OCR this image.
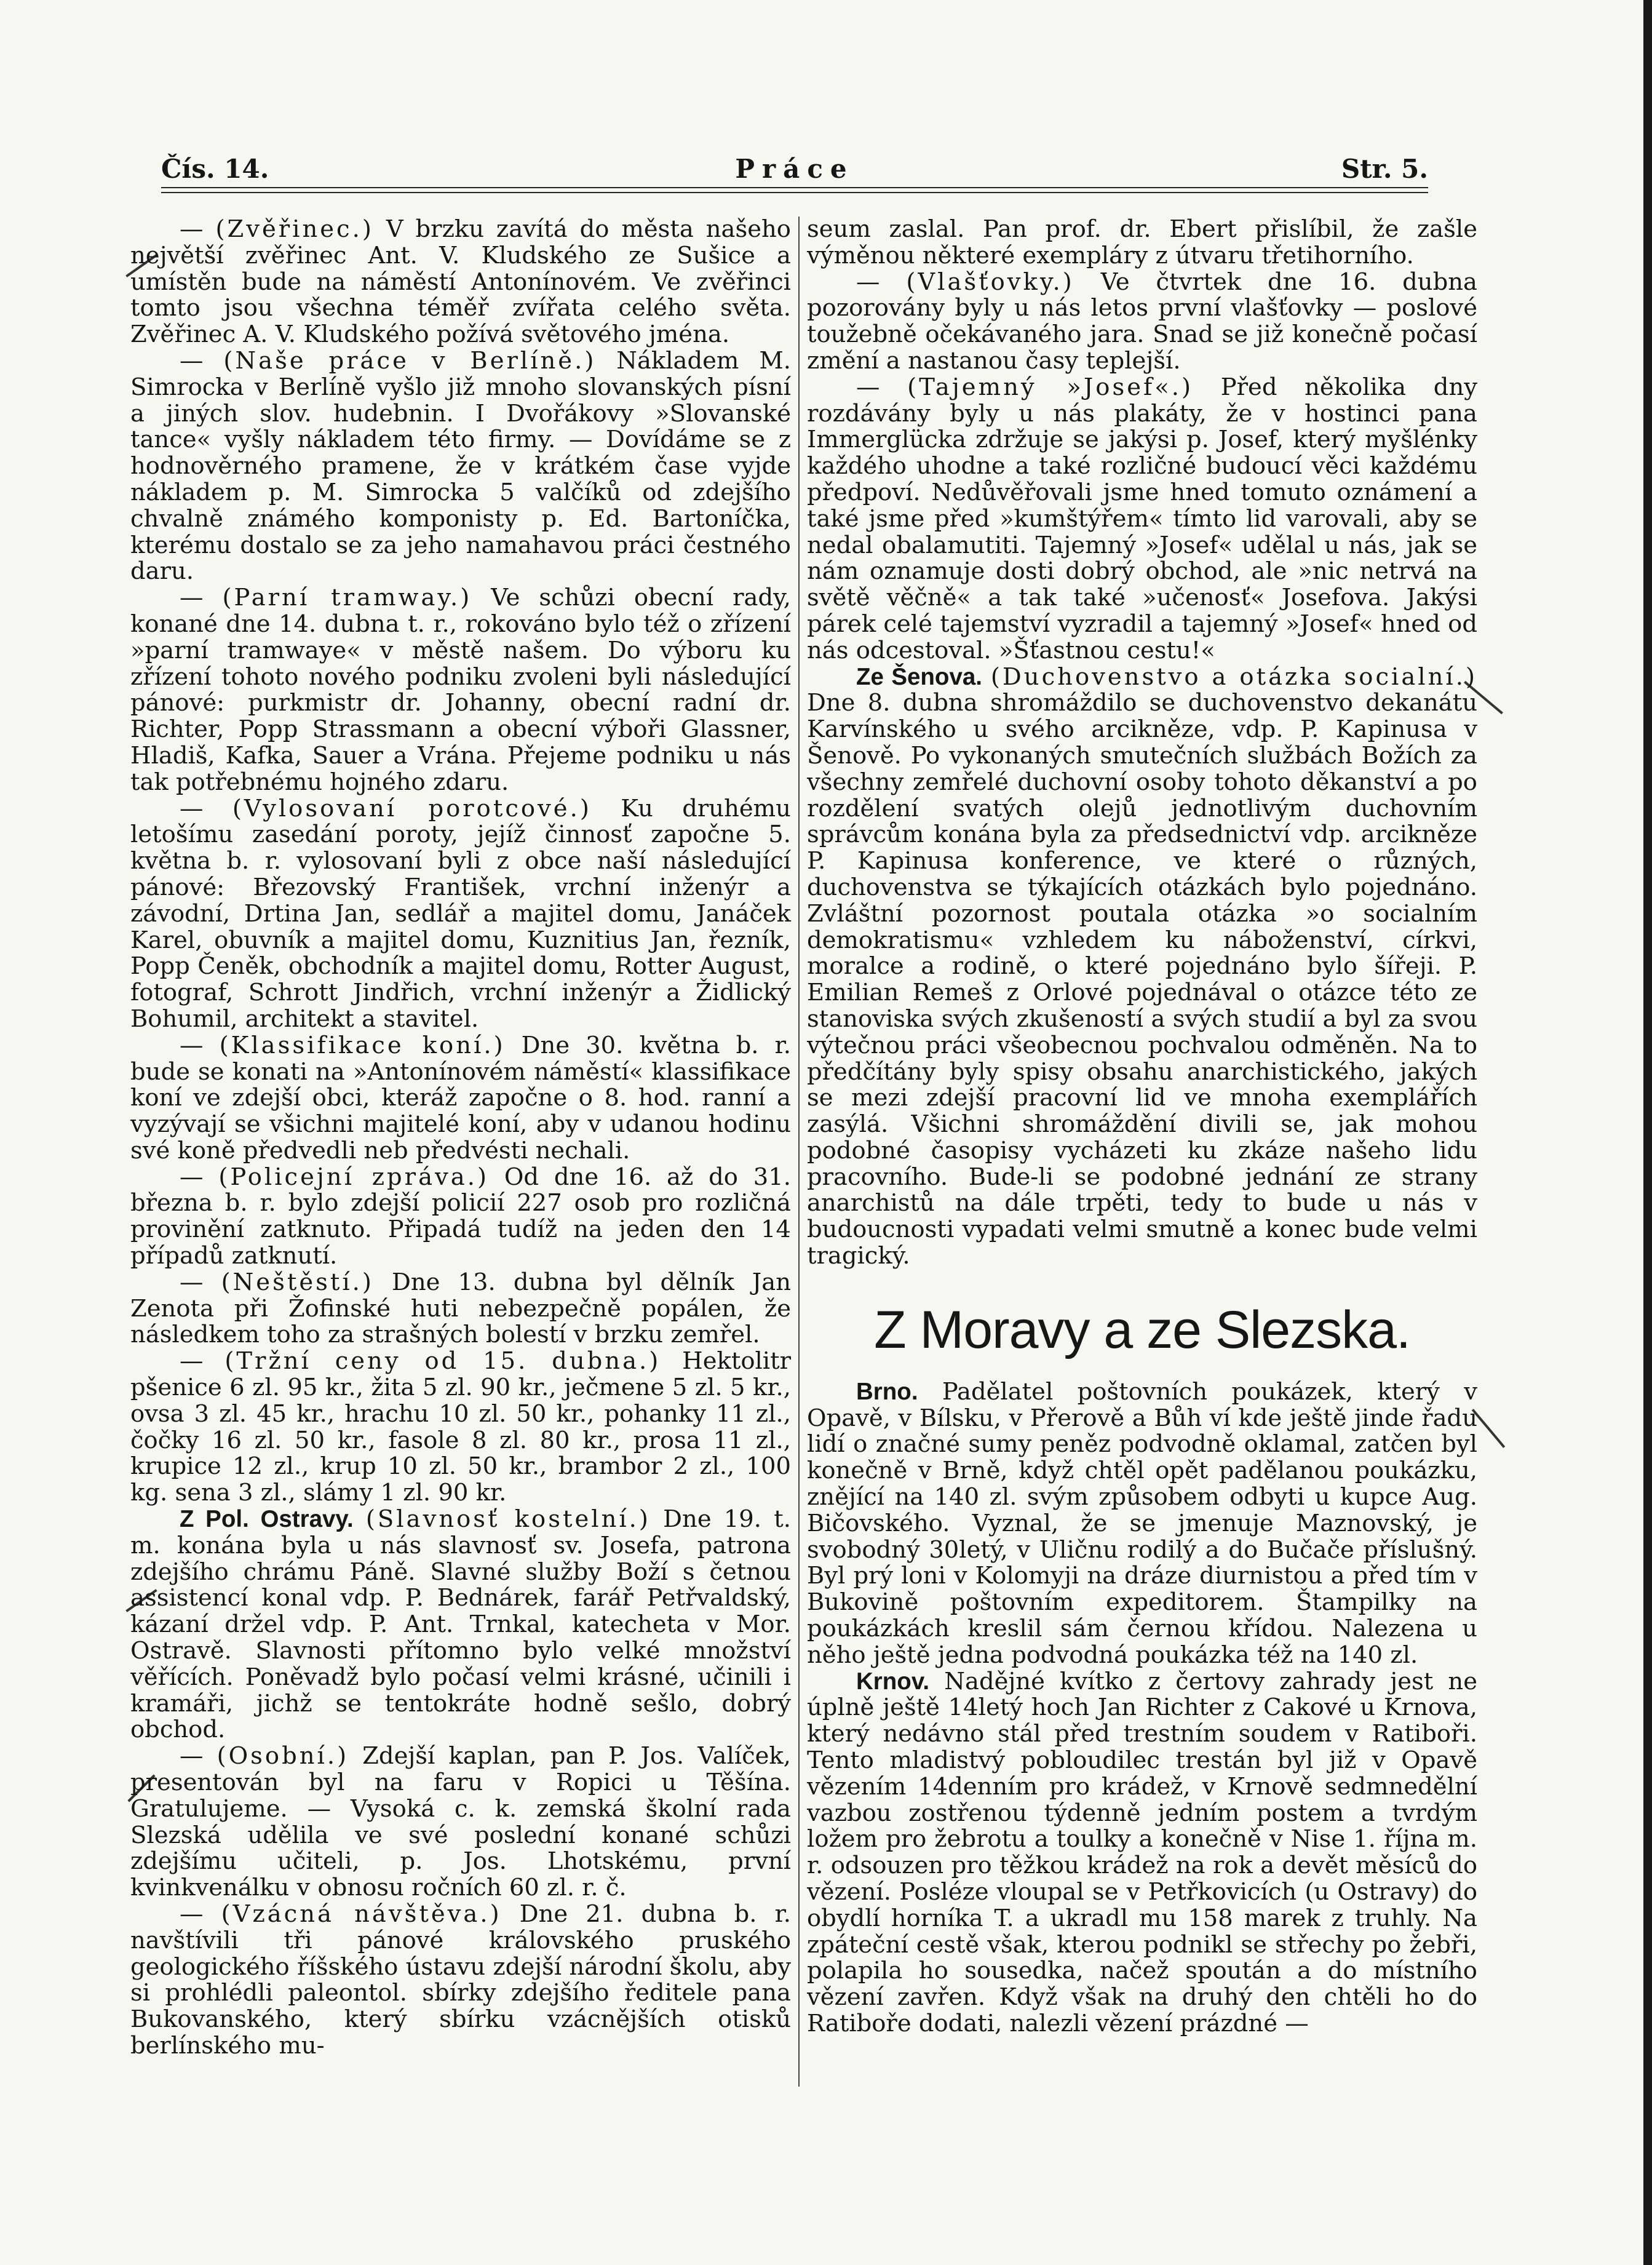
Čís. 14.	Práce	Str. 5.

— (Zvěřinec.) V brzku zavítá do města našeho největší zvěřinec Ant. V. Kludského ze Sušice a umístěn bude na náměstí Antonínovém. Ve zvěřinci tomto jsou všechna téměř zvířata celého světa. Zvěřinec A. V. Kludského požívá světového jména.

— (Naše práce v Berlíně.) Nákladem M. Simrocka v Berlíně vyšlo již mnoho slovanských písní a jiných slov. hudebnin. I Dvořákovy »Slovanské tance« vyšly nákladem této firmy. — Dovídáme se z hodnověrného pramene, že v krátkém čase vyjde nákladem p. M. Simrocka 5 valčíků od zdejšího chvalně známého komponisty p. Ed. Bartoníčka, kterému dostalo se za jeho namahavou práci čestného daru.

— (Parní tramway.) Ve schůzi obecní rady, konané dne 14. dubna t. r., rokováno bylo též o zřízení »parní tramwaye« v městě našem. Do výboru ku zřízení tohoto nového podniku zvoleni byli následující pánové: purkmistr dr. Johanny, obecní radní dr. Richter, Popp Strassmann a obecní výboři Glassner, Hladiš, Kafka, Sauer a Vrána. Přejeme podniku u nás tak potřebnému hojného zdaru.

— (Vylosovaní porotcové.) Ku druhému letošímu zasedání poroty, jejíž činnosť započne 5. května b. r. vylosovaní byli z obce naší následující pánové: Březovský František, vrchní inženýr a závodní, Drtina Jan, sedlář a majitel domu, Janáček Karel, obuvník a majitel domu, Kuznitius Jan, řezník, Popp Čeněk, obchodník a majitel domu, Rotter August, fotograf, Schrott Jindřich, vrchní inženýr a Židlický Bohumil, architekt a stavitel.

— (Klassifikace koní.) Dne 30. května b. r. bude se konati na »Antonínovém náměstí« klassifikace koní ve zdejší obci, kteráž započne o 8. hod. ranní a vyzývají se všichni majitelé koní, aby v udanou hodinu své koně předvedli neb předvésti nechali.

— (Policejní zpráva.) Od dne 16. až do 31. března b. r. bylo zdejší policií 227 osob pro rozličná provinění zatknuto. Připadá tudíž na jeden den 14 případů zatknutí.

— (Neštěstí.) Dne 13. dubna byl dělník Jan Zenota při Žofinské huti nebezpečně popálen, že následkem toho za strašných bolestí v brzku zemřel.

— (Tržní ceny od 15. dubna.) Hektolitr pšenice 6 zl. 95 kr., žita 5 zl. 90 kr., ječmene 5 zl. 5 kr., ovsa 3 zl. 45 kr., hrachu 10 zl. 50 kr., pohanky 11 zl., čočky 16 zl. 50 kr., fasole 8 zl. 80 kr., prosa 11 zl., krupice 12 zl., krup 10 zl. 50 kr., brambor 2 zl., 100 kg. sena 3 zl., slámy 1 zl. 90 kr.

Z Pol. Ostravy. (Slavnosť kostelní.) Dne 19. t. m. konána byla u nás slavnosť sv. Josefa, patrona zdejšího chrámu Páně. Slavné služby Boží s četnou assistencí konal vdp. P. Bednárek, farář Petřvaldský, kázaní držel vdp. P. Ant. Trnkal, katecheta v Mor. Ostravě. Slavnosti přítomno bylo velké množství věřících. Poněvadž bylo počasí velmi krásné, učinili i kramáři, jichž se tentokráte hodně sešlo, dobrý obchod.

— (Osobní.) Zdejší kaplan, pan P. Jos. Valíček, presentován byl na faru v Ropici u Těšína. Gratulujeme. — Vysoká c. k. zemská školní rada Slezská udělila ve své poslední konané schůzi zdejšímu učiteli, p. Jos. Lhotskému, první kvinkvenálku v obnosu ročních 60 zl. r. č.

— (Vzácná návštěva.) Dne 21. dubna b. r. navštívili tři pánové královského pruského geologického říšského ústavu zdejší národní školu, aby si prohlédli paleontol. sbírky zdejšího ředitele pana Bukovanského, který sbírku vzácnějších otisků berlínského mu-

seum zaslal. Pan prof. dr. Ebert přislíbil, že zašle výměnou některé exempláry z útvaru třetihorního.

— (Vlašťovky.) Ve čtvrtek dne 16. dubna pozorovány byly u nás letos první vlašťovky — poslové toužebně očekávaného jara. Snad se již konečně počasí změní a nastanou časy teplejší.

— (Tajemný »Josef«.) Před několika dny rozdávány byly u nás plakáty, že v hostinci pana Immerglücka zdržuje se jakýsi p. Josef, který myšlénky každého uhodne a také rozličné budoucí věci každému předpoví. Nedůvěřovali jsme hned tomuto oznámení a také jsme před »kumštýřem« tímto lid varovali, aby se nedal obalamutiti. Tajemný »Josef« udělal u nás, jak se nám oznamuje dosti dobrý obchod, ale »nic netrvá na světě věčně« a tak také »učenosť« Josefova. Jakýsi párek celé tajemství vyzradil a tajemný »Josef« hned od nás odcestoval. »Šťastnou cestu!«

Ze Šenova. (Duchovenstvo a otázka socialní.) Dne 8. dubna shromáždilo se duchovenstvo dekanátu Karvínského u svého arcikněze, vdp. P. Kapinusa v Šenově. Po vykonaných smutečních službách Božích za všechny zemřelé duchovní osoby tohoto děkanství a po rozdělení svatých olejů jednotlivým duchovním správcům konána byla za předsednictví vdp. arcikněze P. Kapinusa konference, ve které o různých, duchovenstva se týkajících otázkách bylo pojednáno. Zvláštní pozornost poutala otázka »o socialním demokratismu« vzhledem ku náboženství, církvi, moralce a rodině, o které pojednáno bylo šířeji. P. Emilian Remeš z Orlové pojednával o otázce této ze stanoviska svých zkušeností a svých studií a byl za svou výtečnou práci všeobecnou pochvalou odměněn. Na to předčítány byly spisy obsahu anarchistického, jakých se mezi zdejší pracovní lid ve mnoha exemplářích zasýlá. Všichni shromáždění divili se, jak mohou podobné časopisy vycházeti ku zkáze našeho lidu pracovního. Bude-li se podobné jednání ze strany anarchistů na dále trpěti, tedy to bude u nás v budoucnosti vypadati velmi smutně a konec bude velmi tragický.

Z Moravy a ze Slezska.

Brno. Padělatel poštovních poukázek, který v Opavě, v Bílsku, v Přerově a Bůh ví kde ještě jinde řadu lidí o značné sumy peněz podvodně oklamal, zatčen byl konečně v Brně, když chtěl opět padělanou poukázku, znějící na 140 zl. svým způsobem odbyti u kupce Aug. Bičovského. Vyznal, že se jmenuje Maznovský, je svobodný 30letý, v Uličnu rodilý a do Bučače příslušný. Byl prý loni v Kolomyji na dráze diurnistou a před tím v Bukovině poštovním expeditorem. Štampilky na poukázkách kreslil sám černou křídou. Nalezena u něho ještě jedna podvodná poukázka též na 140 zl.

Krnov. Nadějné kvítko z čertovy zahrady jest ne úplně ještě 14letý hoch Jan Richter z Cakové u Krnova, který nedávno stál před trestním soudem v Ratiboři. Tento mladistvý pobloudilec trestán byl již v Opavě vězením 14denním pro krádež, v Krnově sedmnedělní vazbou zostřenou týdenně jedním postem a tvrdým ložem pro žebrotu a toulky a konečně v Nise 1. října m. r. odsouzen pro těžkou krádež na rok a devět měsíců do vězení. Posléze vloupal se v Petřkovicích (u Ostravy) do obydlí horníka T. a ukradl mu 158 marek z truhly. Na zpáteční cestě však, kterou podnikl se střechy po žebři, polapila ho sousedka, načež spoután a do místního vězení zavřen. Když však na druhý den chtěli ho do Ratiboře dodati, nalezli vězení prázdné —
